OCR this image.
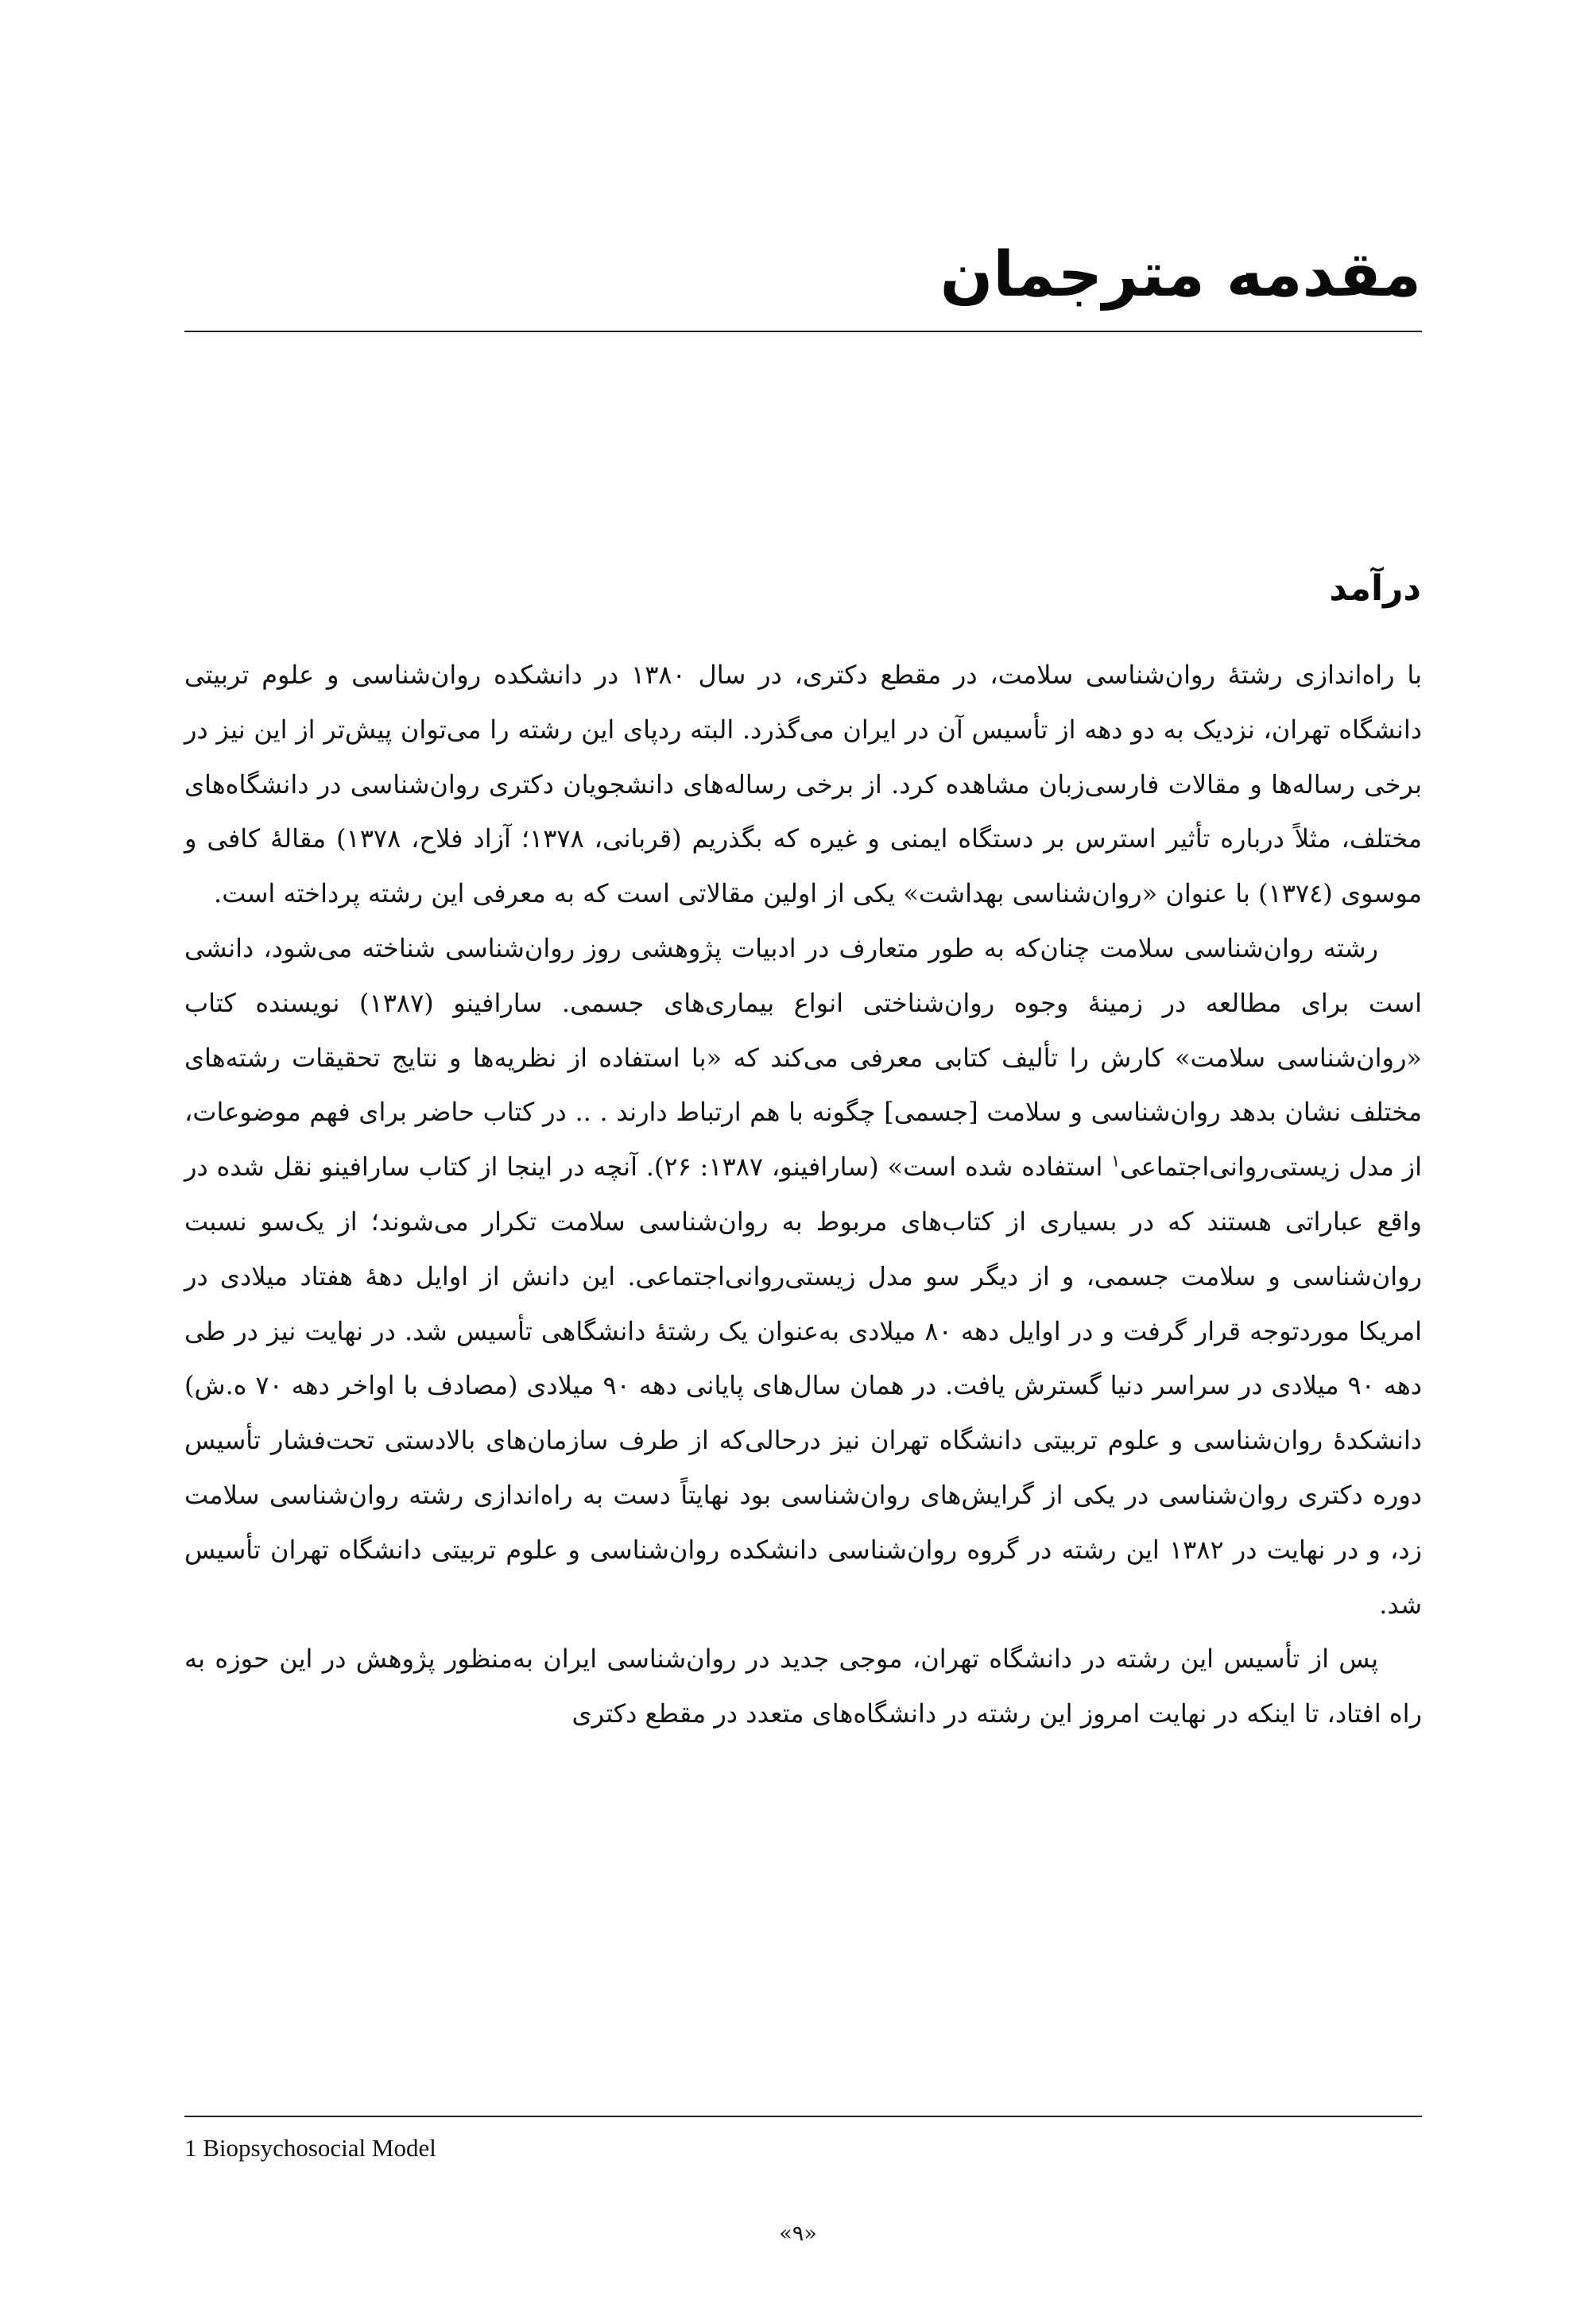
مقدمه مترجمان
درآمد

با راه‌اندازی رشتهٔ روان‌شناسی سلامت، در مقطع دکتری، در سال ۱۳۸۰ در دانشکده روان‌شناسی و علوم تربیتی دانشگاه تهران، نزدیک به دو دهه از تأسیس آن در ایران می‌گذرد. البته ردپای این رشته را می‌توان پیش‌تر از این نیز در برخی رساله‌ها و مقالات فارسی‌زبان مشاهده کرد. از برخی رساله‌های دانشجویان دکتری روان‌شناسی در دانشگاه‌های مختلف، مثلاً درباره تأثیر استرس بر دستگاه ایمنی و غیره که بگذریم (قربانی، ۱۳۷۸؛ آزاد فلاح، ۱۳۷۸) مقالهٔ کافی و موسوی (۱۳۷٤) با عنوان «روان‌شناسی بهداشت» یکی از اولین مقالاتی است که به معرفی این رشته پرداخته است.

رشته روان‌شناسی سلامت چنان‌که به طور متعارف در ادبیات پژوهشی روز روان‌شناسی شناخته می‌شود، دانشی است برای مطالعه در زمینهٔ وجوه روان‌شناختی انواع بیماری‌های جسمی. سارافینو (۱۳۸۷) نویسنده کتاب «روان‌شناسی سلامت» کارش را تألیف کتابی معرفی می‌کند که «با استفاده از نظریه‌ها و نتایج تحقیقات رشته‌های مختلف نشان بدهد روان‌شناسی و سلامت [جسمی] چگونه با هم ارتباط دارند . .. در کتاب حاضر برای فهم موضوعات، از مدل زیستی‌روانی‌اجتماعی$^۱$ استفاده شده است» (سارافینو، ۱۳۸۷: ۲۶). آنچه در اینجا از کتاب سارافینو نقل شده در واقع عباراتی هستند که در بسیاری از کتاب‌های مربوط به روان‌شناسی سلامت تکرار می‌شوند؛ از یک‌سو نسبت روان‌شناسی و سلامت جسمی، و از دیگر سو مدل زیستی‌روانی‌اجتماعی. این دانش از اوایل دههٔ هفتاد میلادی در امریکا موردتوجه قرار گرفت و در اوایل دهه ۸۰ میلادی به‌عنوان یک رشتهٔ دانشگاهی تأسیس شد. در نهایت نیز در طی دهه ۹۰ میلادی در سراسر دنیا گسترش یافت. در همان سال‌های پایانی دهه ۹۰ میلادی (مصادف با اواخر دهه ۷۰ ه.ش) دانشکدهٔ روان‌شناسی و علوم تربیتی دانشگاه تهران نیز درحالی‌که از طرف سازمان‌های بالادستی تحت‌فشار تأسیس دوره دکتری روان‌شناسی در یکی از گرایش‌های روان‌شناسی بود نهایتاً دست به راه‌اندازی رشته روان‌شناسی سلامت زد، و در نهایت در ۱۳۸۲ این رشته در گروه روان‌شناسی دانشکده روان‌شناسی و علوم تربیتی دانشگاه تهران تأسیس شد.

پس از تأسیس این رشته در دانشگاه تهران، موجی جدید در روان‌شناسی ایران به‌منظور پژوهش در این حوزه به راه افتاد، تا اینکه در نهایت امروز این رشته در دانشگاه‌های متعدد در مقطع دکتری

1 Biopsychosocial Model
«۹»
